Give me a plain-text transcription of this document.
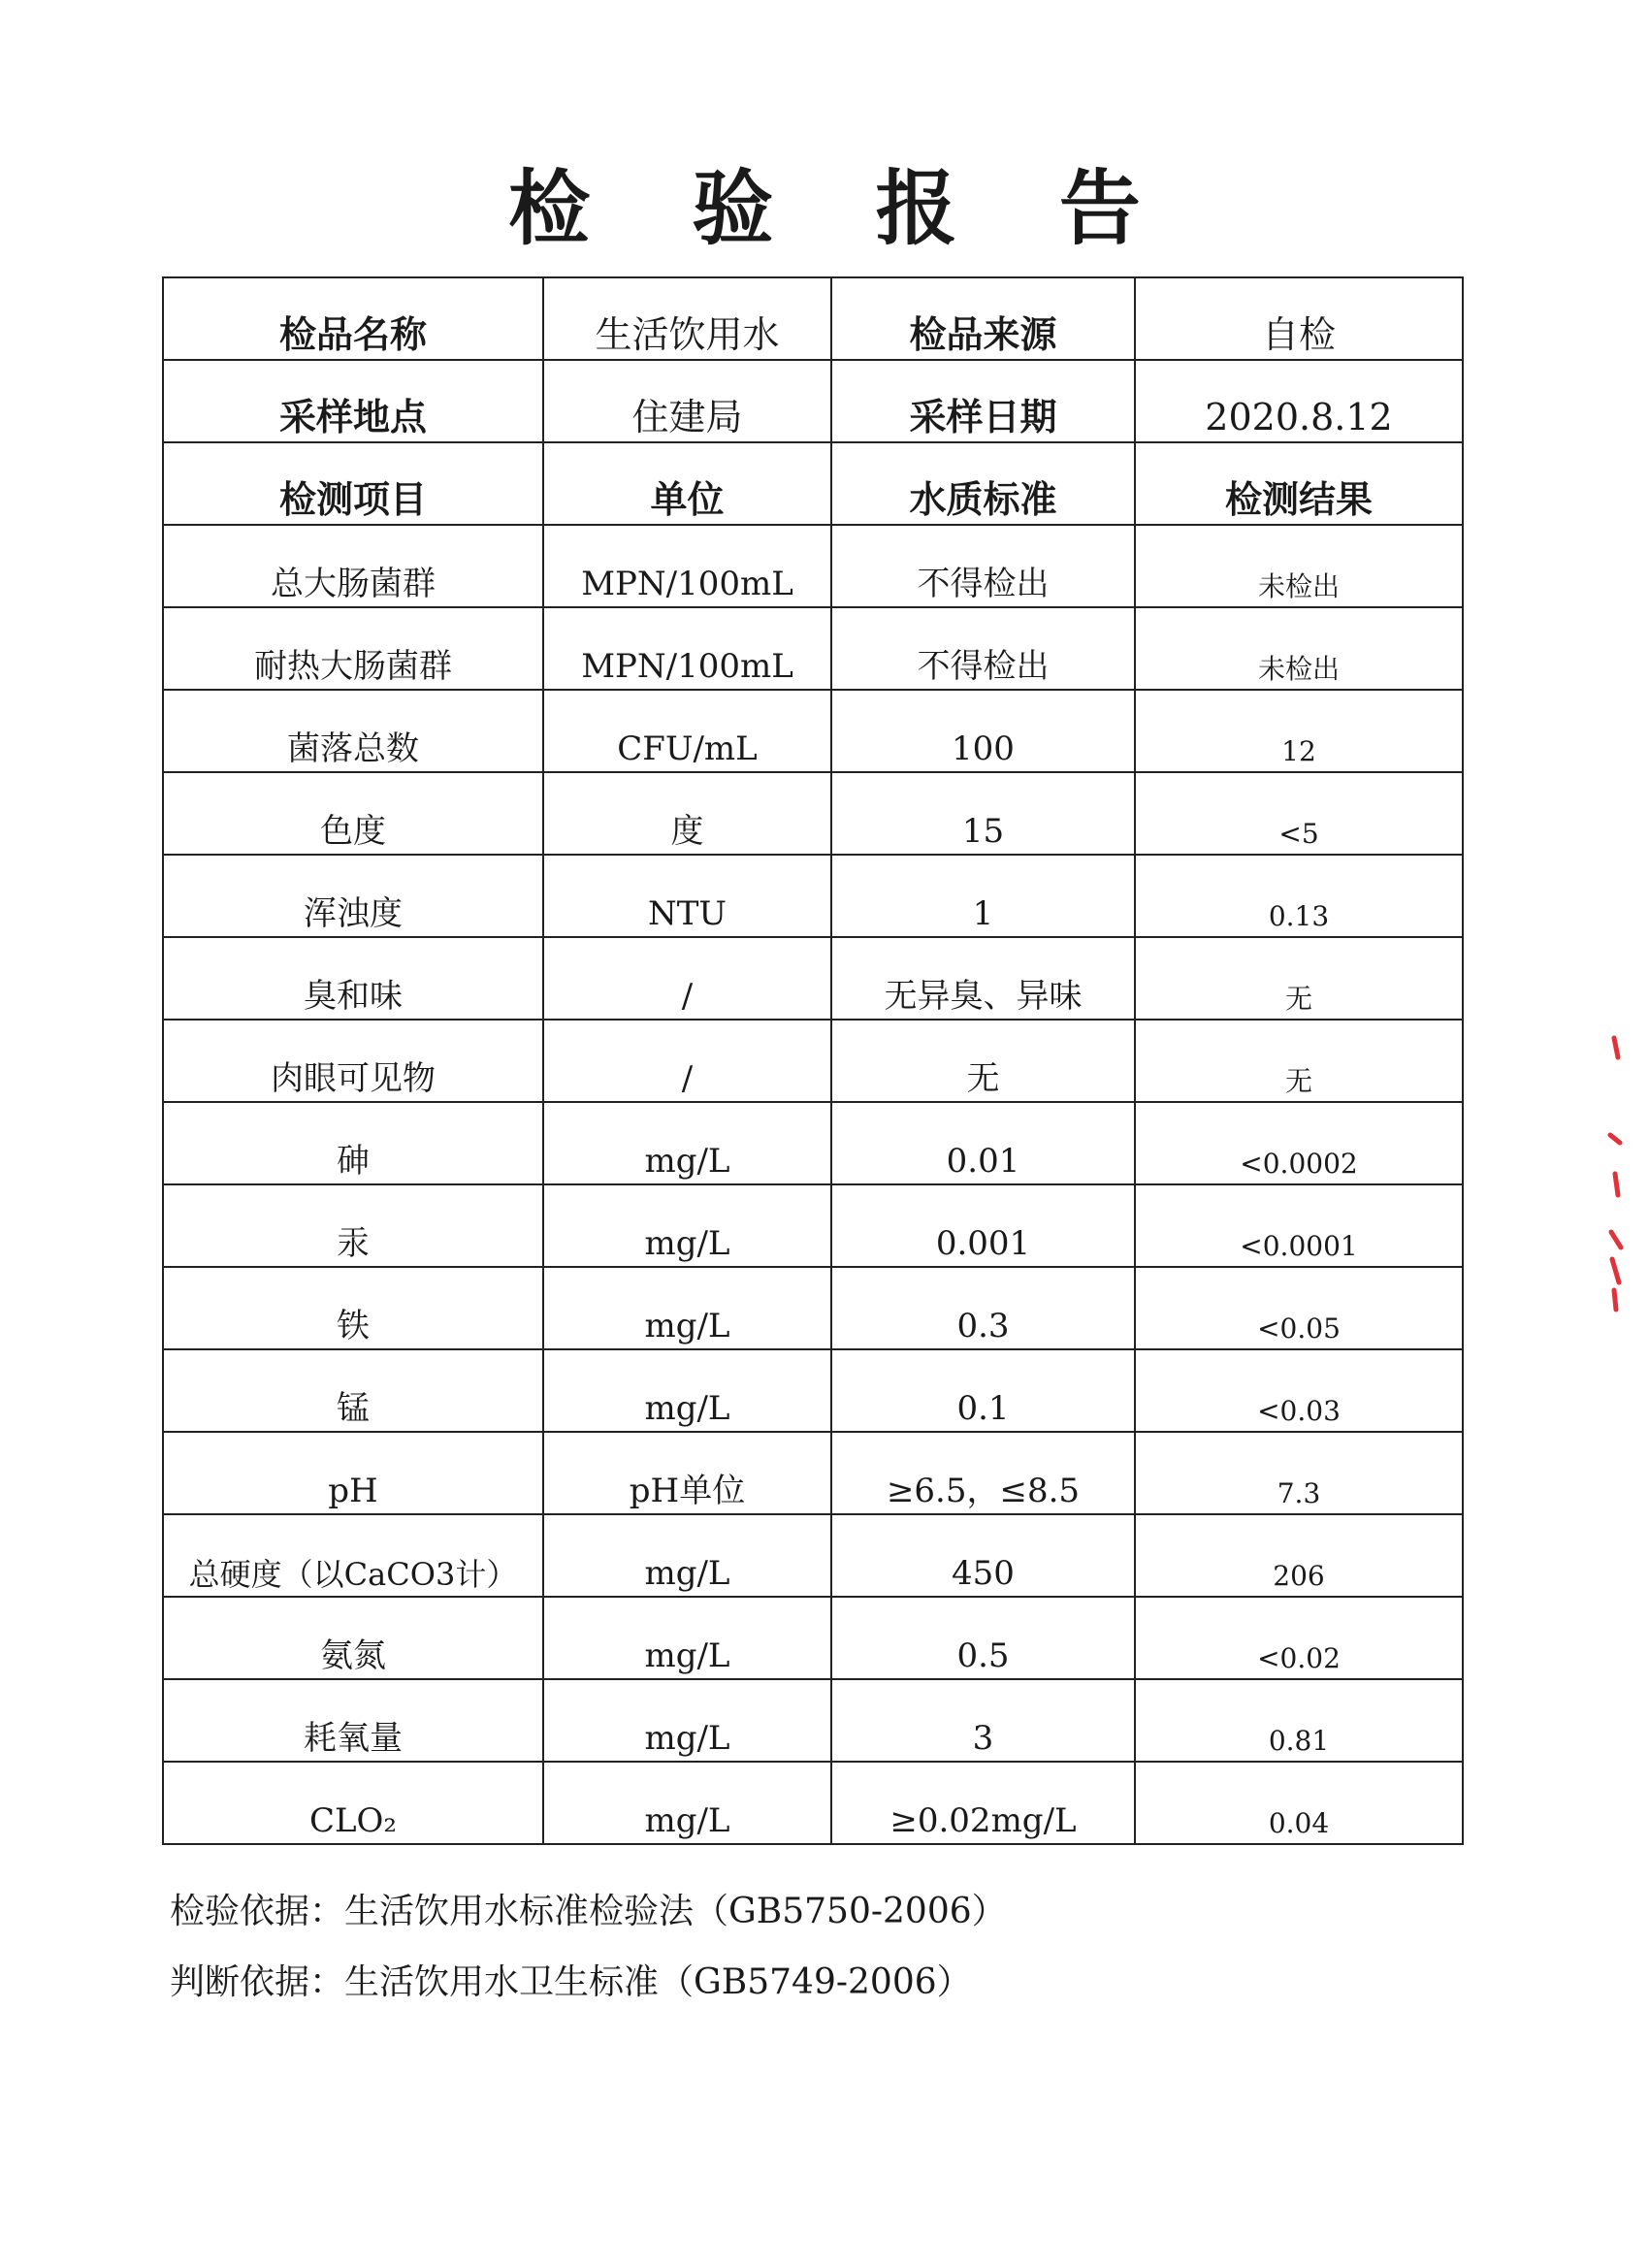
检 验 报 告
检品名称	生活饮用水	检品来源	自检
采样地点	住建局	采样日期	2020.8.12
检测项目	单位	水质标准	检测结果
总大肠菌群	MPN/100mL	不得检出	未检出
耐热大肠菌群	MPN/100mL	不得检出	未检出
菌落总数	CFU/mL	100	12
色度	度	15	<5
浑浊度	NTU	1	0.13
臭和味	/	无异臭、异味	无
肉眼可见物	/	无	无
砷	mg/L	0.01	<0.0002
汞	mg/L	0.001	<0.0001
铁	mg/L	0.3	<0.05
锰	mg/L	0.1	<0.03
pH	pH单位	≥6.5，≤8.5	7.3
总硬度（以CaCO3计）	mg/L	450	206
氨氮	mg/L	0.5	<0.02
耗氧量	mg/L	3	0.81
CLO₂	mg/L	≥0.02mg/L	0.04
检验依据：生活饮用水标准检验法（GB5750-2006）
判断依据：生活饮用水卫生标准（GB5749-2006）
